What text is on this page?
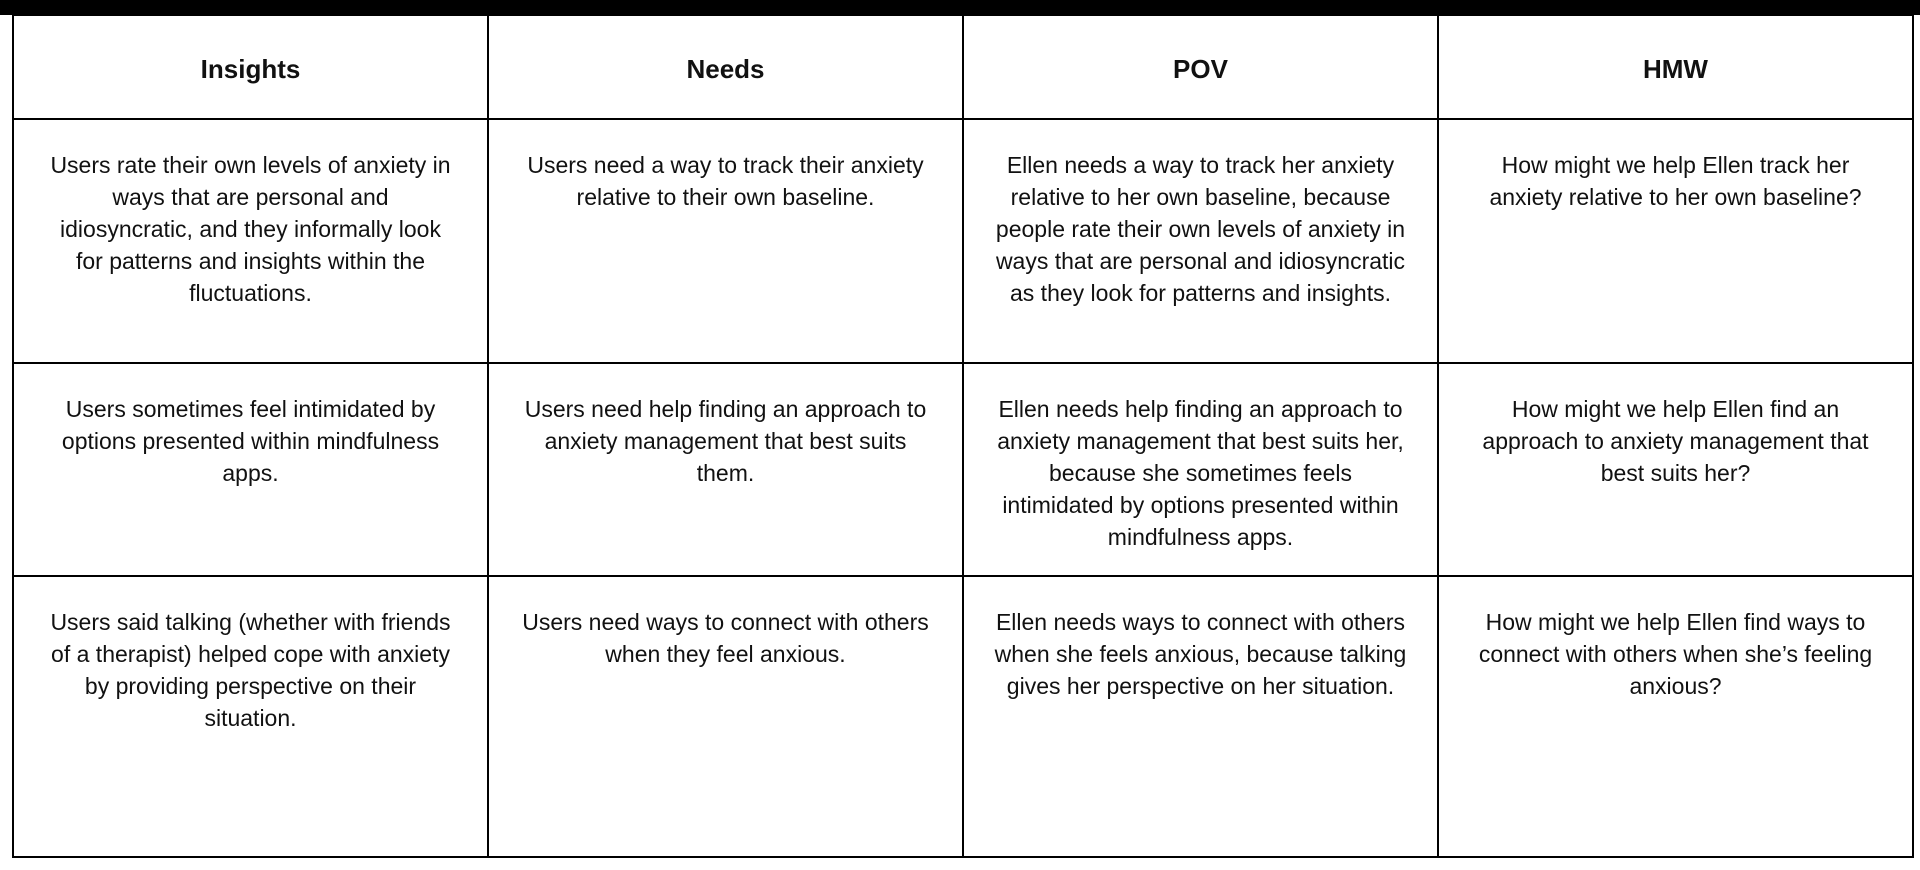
Insights	Needs	POV	HMW
Users rate their own levels of anxiety in ways that are personal and idiosyncratic, and they informally look for patterns and insights within the fluctuations.	Users need a way to track their anxiety relative to their own baseline.	Ellen needs a way to track her anxiety relative to her own baseline, because people rate their own levels of anxiety in ways that are personal and idiosyncratic as they look for patterns and insights.	How might we help Ellen track her anxiety relative to her own baseline?
Users sometimes feel intimidated by options presented within mindfulness apps.	Users need help finding an approach to anxiety management that best suits them.	Ellen needs help finding an approach to anxiety management that best suits her, because she sometimes feels intimidated by options presented within mindfulness apps.	How might we help Ellen find an approach to anxiety management that best suits her?
Users said talking (whether with friends of a therapist) helped cope with anxiety by providing perspective on their situation.	Users need ways to connect with others when they feel anxious.	Ellen needs ways to connect with others when she feels anxious, because talking gives her perspective on her situation.	How might we help Ellen find ways to connect with others when she’s feeling anxious?
